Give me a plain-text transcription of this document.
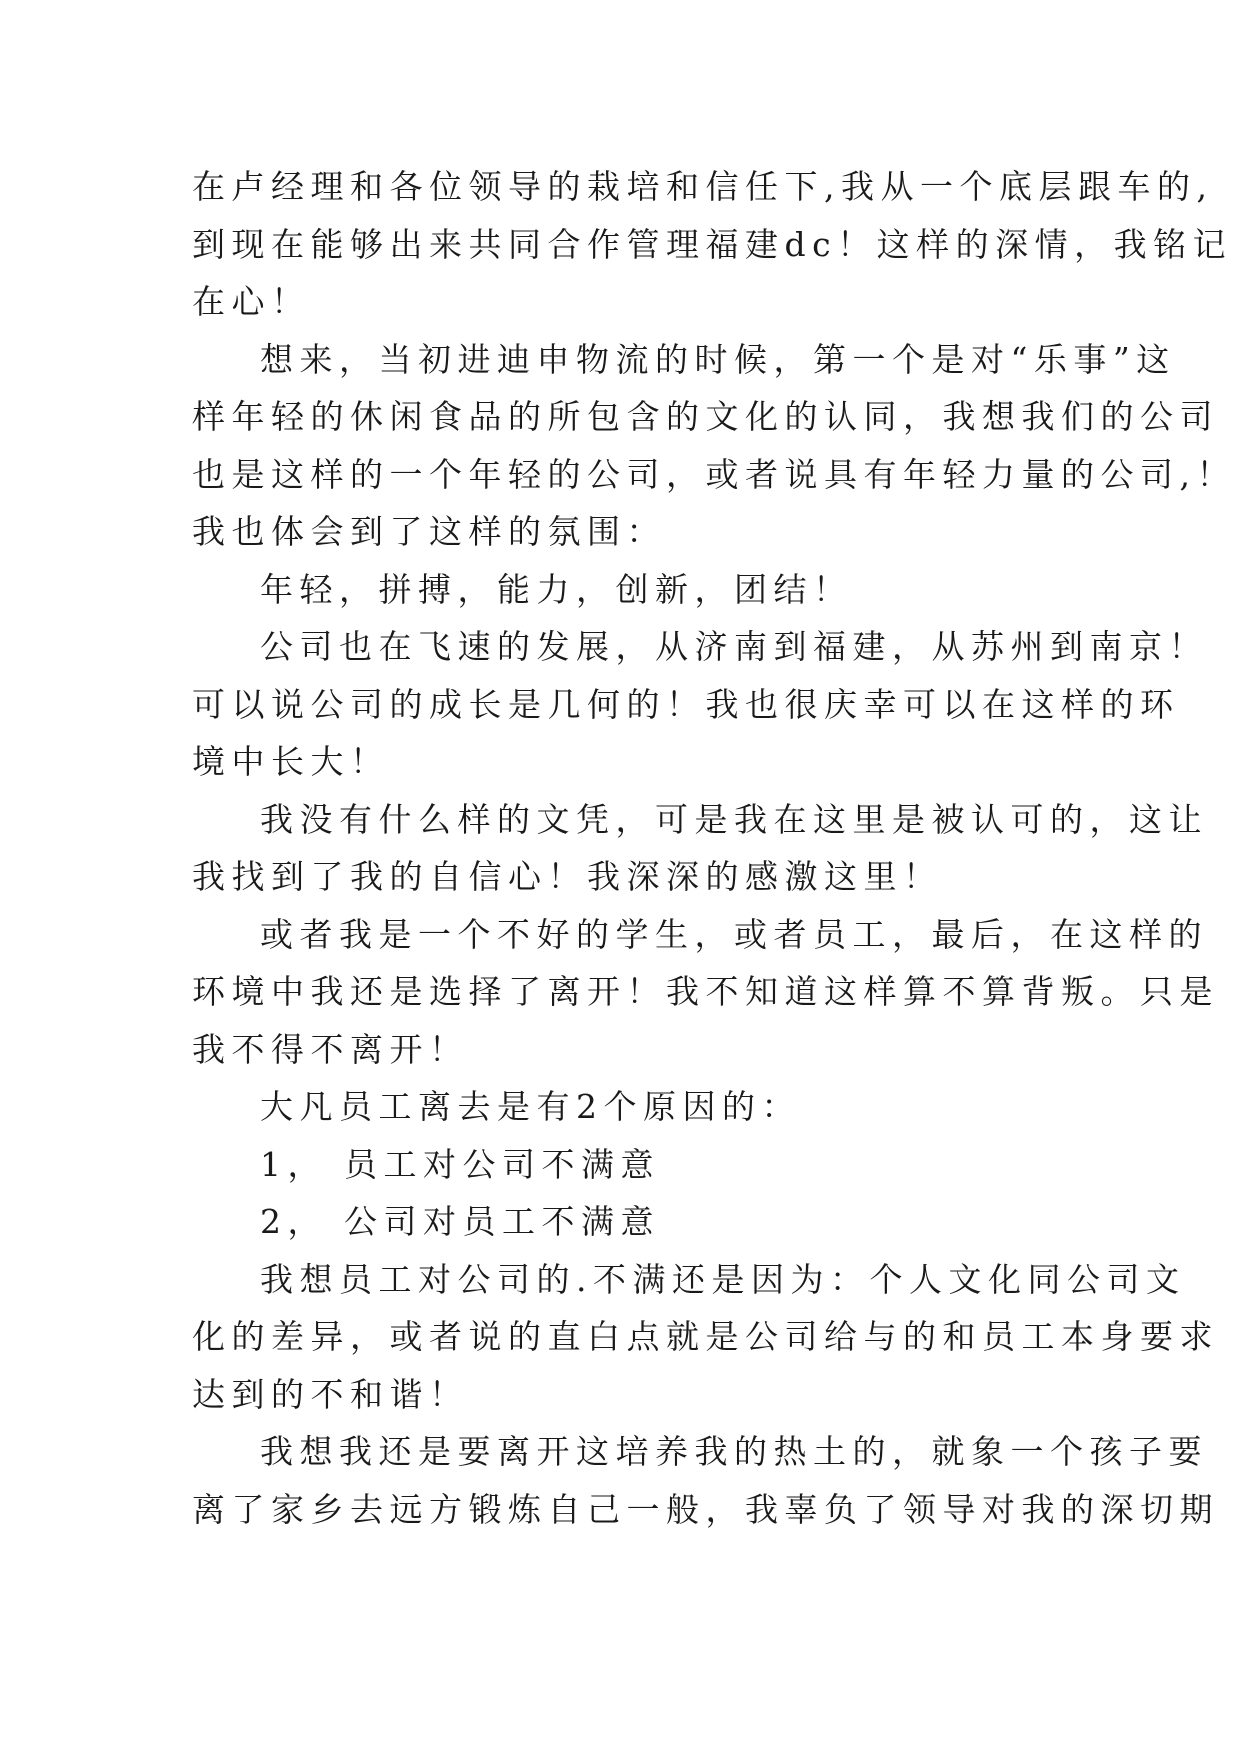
在卢经理和各位领导的栽培和信任下,我从一个底层跟车的,
到现在能够出来共同合作管理福建dc！这样的深情，我铭记
在心！

想来，当初进迪申物流的时候，第一个是对“乐事”这
样年轻的休闲食品的所包含的文化的认同，我想我们的公司
也是这样的一个年轻的公司，或者说具有年轻力量的公司,！
我也体会到了这样的氛围：

年轻，拼搏，能力，创新，团结！

公司也在飞速的发展，从济南到福建，从苏州到南京！
可以说公司的成长是几何的！我也很庆幸可以在这样的环
境中长大！

我没有什么样的文凭，可是我在这里是被认可的，这让
我找到了我的自信心！我深深的感激这里！

或者我是一个不好的学生，或者员工，最后，在这样的
环境中我还是选择了离开！我不知道这样算不算背叛。只是
我不得不离开！

大凡员工离去是有2个原因的：

1， 员工对公司不满意

2， 公司对员工不满意

我想员工对公司的.不满还是因为：个人文化同公司文
化的差异，或者说的直白点就是公司给与的和员工本身要求
达到的不和谐！

我想我还是要离开这培养我的热土的，就象一个孩子要
离了家乡去远方锻炼自己一般，我辜负了领导对我的深切期
